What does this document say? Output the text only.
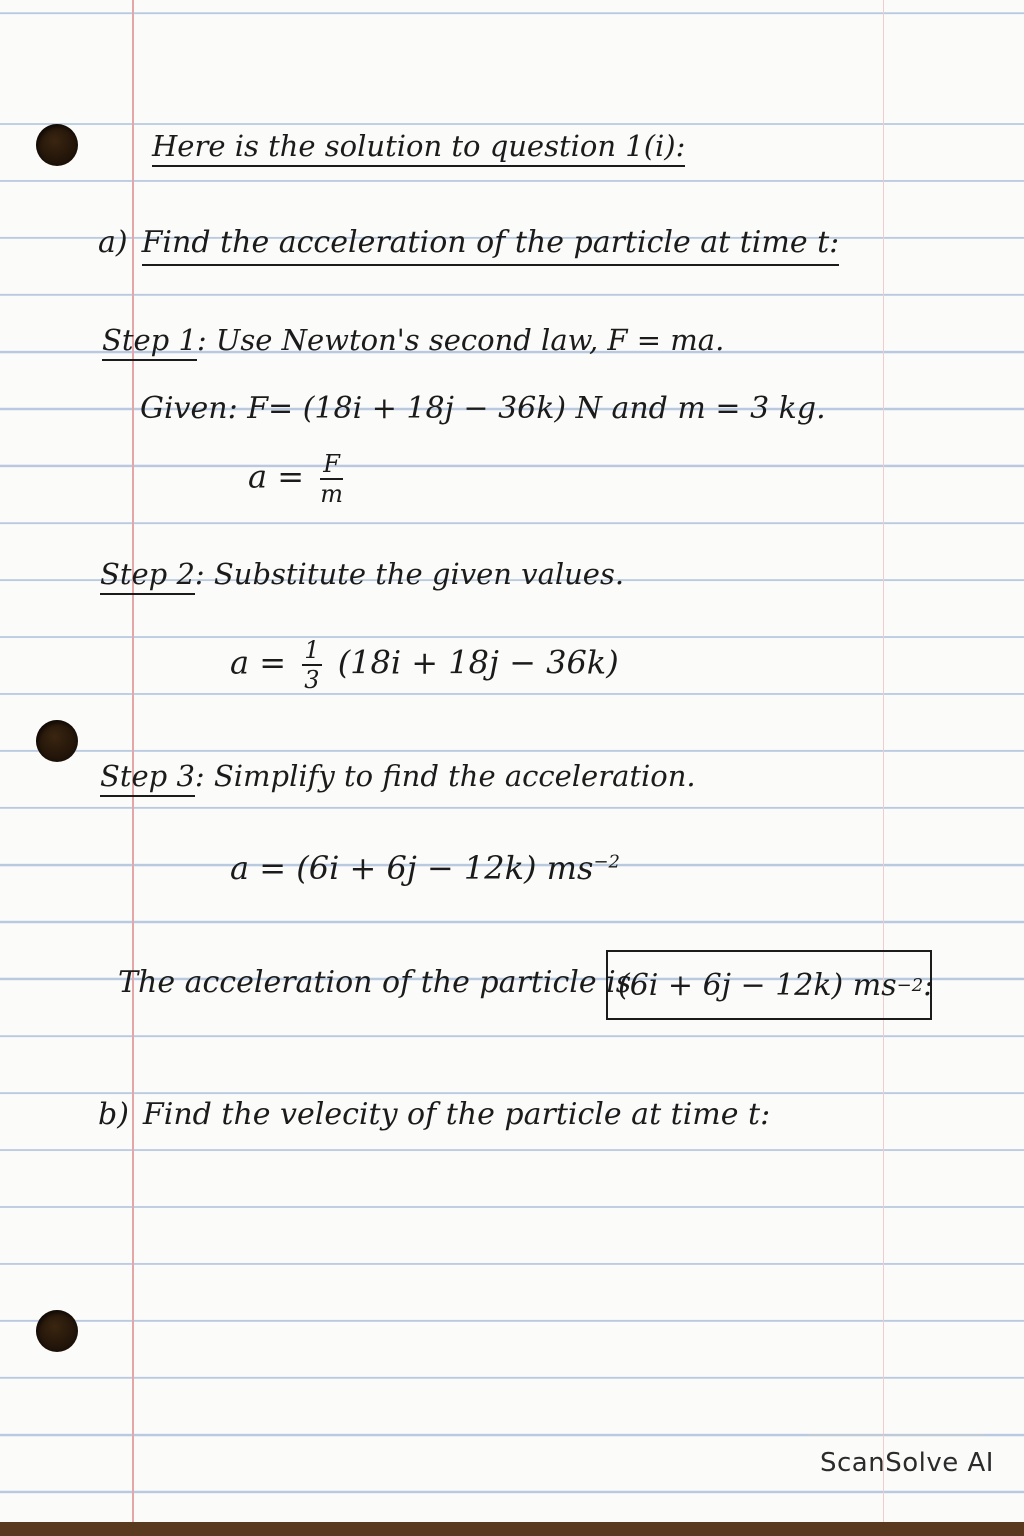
Here is the solution to question 1(i):
a) Find the acceleration of the particle at time t:
Step 1: Use Newton's second law, F = ma.
Given: F= (18i + 18j − 36k) N and m = 3 kg.
$a = \frac{F}{m}$
Step 2: Substitute the given values.
$a = \frac{1}{3} (18i + 18j - 36k)$
Step 3: Simplify to find the acceleration.
a = (6i + 6j − 12k) $ms^{-2}$
The acceleration of the particle is
(6i + 6j − 12k) ms −2 :
b) Find the velecity of the particle at time t:
ScanSolve AI
